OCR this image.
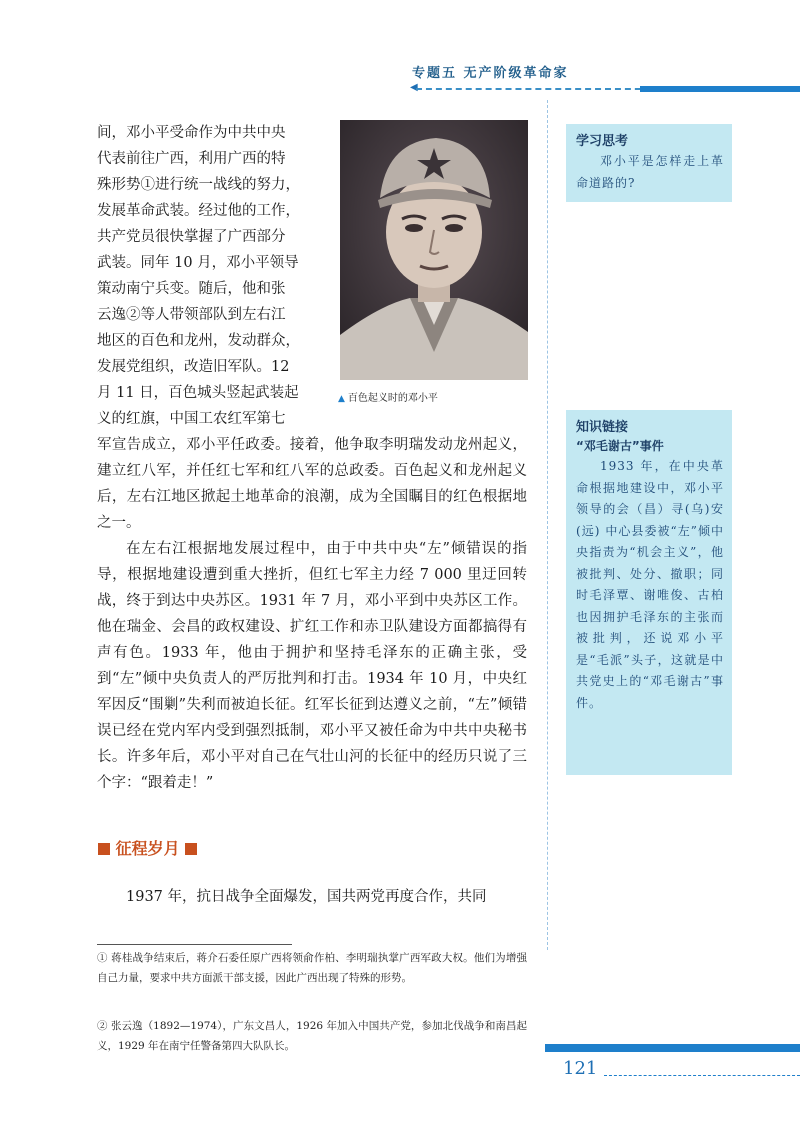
专题五 无产阶级革命家
◀

间，邓小平受命作为中共中央

代表前往广西，利用广西的特

殊形势①进行统一战线的努力，

发展革命武装。经过他的工作，

共产党员很快掌握了广西部分

武装。同年 10 月，邓小平领导

策动南宁兵变。随后，他和张

云逸②等人带领部队到左右江

地区的百色和龙州，发动群众，

发展党组织，改造旧军队。12

月 11 日，百色城头竖起武装起

义的红旗，中国工农红军第七

▲ 百色起义时的邓小平

学习思考

邓小平是怎样走上革命道路的?

知识链接

“邓毛谢古”事件

1933 年，在中央革命根据地建设中，邓小平领导的会（昌）寻(乌)安(远) 中心县委被“左”倾中央指责为“机会主义”，他被批判、处分、撤职；同时毛泽覃、谢唯俊、古柏也因拥护毛泽东的主张而被批判，还说邓小平是“毛派”头子，这就是中共党史上的“邓毛谢古”事件。

军宣告成立，邓小平任政委。接着，他争取李明瑞发动龙州起义，建立红八军，并任红七军和红八军的总政委。百色起义和龙州起义后，左右江地区掀起土地革命的浪潮，成为全国瞩目的红色根据地之一。

在左右江根据地发展过程中，由于中共中央“左”倾错误的指导，根据地建设遭到重大挫折，但红七军主力经 7 000 里迂回转战，终于到达中央苏区。1931 年 7 月，邓小平到中央苏区工作。他在瑞金、会昌的政权建设、扩红工作和赤卫队建设方面都搞得有声有色。1933 年，他由于拥护和坚持毛泽东的正确主张，受到“左”倾中央负责人的严厉批判和打击。1934 年 10 月，中央红军因反“围剿”失利而被迫长征。红军长征到达遵义之前，“左”倾错误已经在党内军内受到强烈抵制，邓小平又被任命为中共中央秘书长。许多年后，邓小平对自己在气壮山河的长征中的经历只说了三个字：“跟着走！”

征程岁月

1937 年，抗日战争全面爆发，国共两党再度合作，共同

① 蒋桂战争结束后，蒋介石委任原广西将领俞作柏、李明瑞执掌广西军政大权。他们为增强自己力量，要求中共方面派干部支援，因此广西出现了特殊的形势。

② 张云逸（1892—1974），广东文昌人，1926 年加入中国共产党，参加北伐战争和南昌起义，1929 年在南宁任警备第四大队队长。

121
